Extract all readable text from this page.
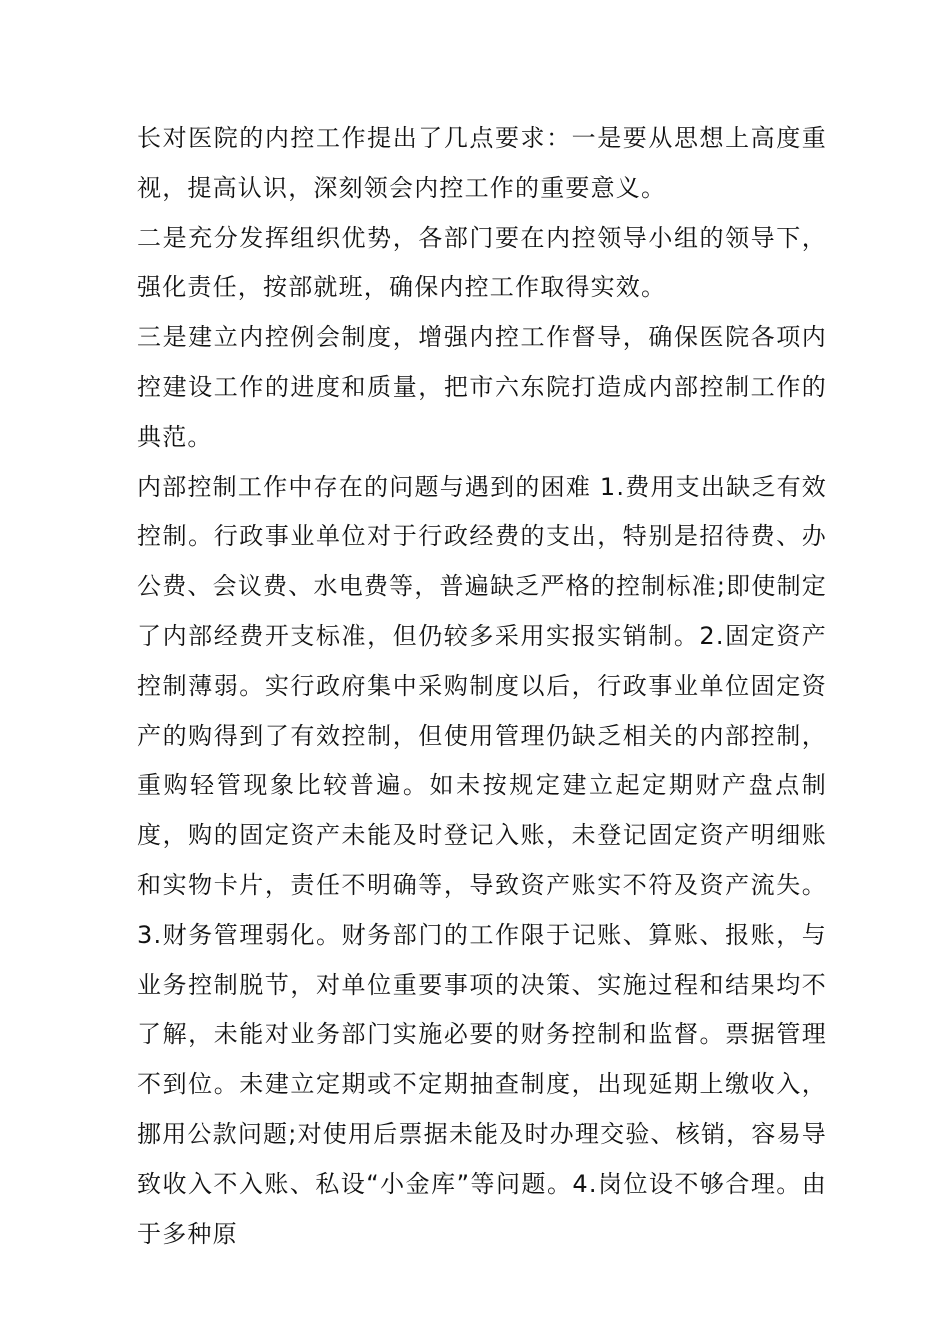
长对医院的内控工作提出了几点要求：一是要从思想上高度重视，提高认识，深刻领会内控工作的重要意义。

二是充分发挥组织优势，各部门要在内控领导小组的领导下，强化责任，按部就班，确保内控工作取得实效。

三是建立内控例会制度，增强内控工作督导，确保医院各项内控建设工作的进度和质量，把市六东院打造成内部控制工作的典范。

内部控制工作中存在的问题与遇到的困难 1.费用支出缺乏有效控制。行政事业单位对于行政经费的支出，特别是招待费、办公费、会议费、水电费等，普遍缺乏严格的控制标准;即使制定了内部经费开支标准，但仍较多采用实报实销制。2.固定资产控制薄弱。实行政府集中采购制度以后，行政事业单位固定资产的购得到了有效控制，但使用管理仍缺乏相关的内部控制，重购轻管现象比较普遍。如未按规定建立起定期财产盘点制度，购的固定资产未能及时登记入账，未登记固定资产明细账和实物卡片，责任不明确等，导致资产账实不符及资产流失。3.财务管理弱化。财务部门的工作限于记账、算账、报账，与业务控制脱节，对单位重要事项的决策、实施过程和结果均不了解，未能对业务部门实施必要的财务控制和监督。票据管理不到位。未建立定期或不定期抽查制度，出现延期上缴收入，挪用公款问题;对使用后票据未能及时办理交验、核销，容易导致收入不入账、私设“小金库”等问题。4.岗位设不够合理。由于多种原
